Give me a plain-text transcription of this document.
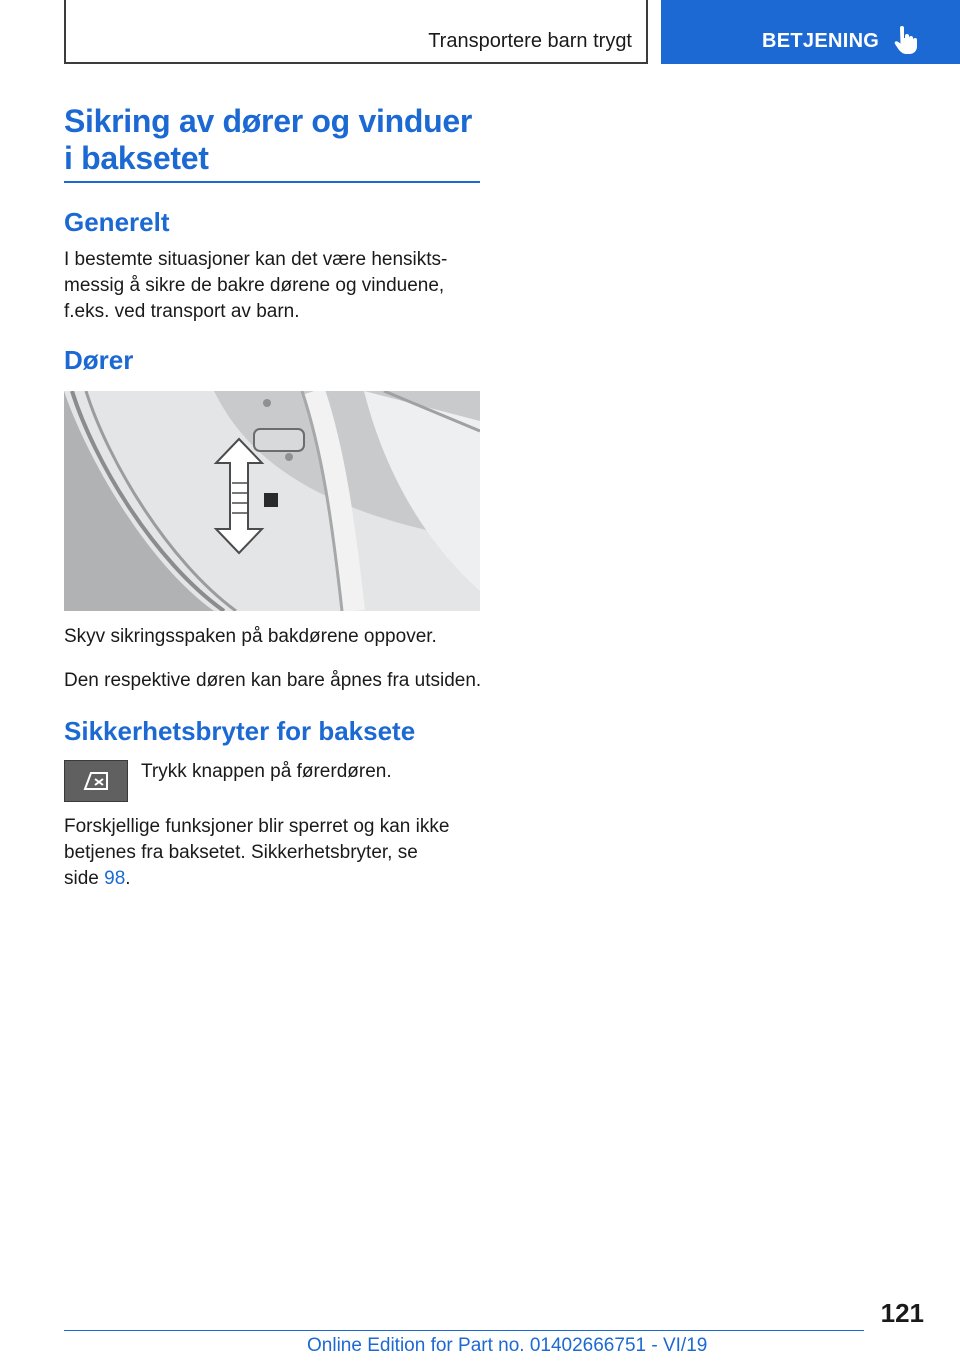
Transportere barn trygt	BETJENING
Sikring av dører og vinduer
i baksetet
Generelt

I bestemte situasjoner kan det være hensikts‐
messig å sikre de bakre dørene og vinduene,
f.eks. ved transport av barn.

Dører

Skyv sikringsspaken på bakdørene oppover.

Den respektive døren kan bare åpnes fra utsiden.

Sikkerhetsbryter for baksete

Trykk knappen på førerdøren.

Forskjellige funksjoner blir sperret og kan ikke
betjenes fra baksetet. Sikkerhetsbryter, se
side 98.

121
Online Edition for Part no. 01402666751 - VI/19
